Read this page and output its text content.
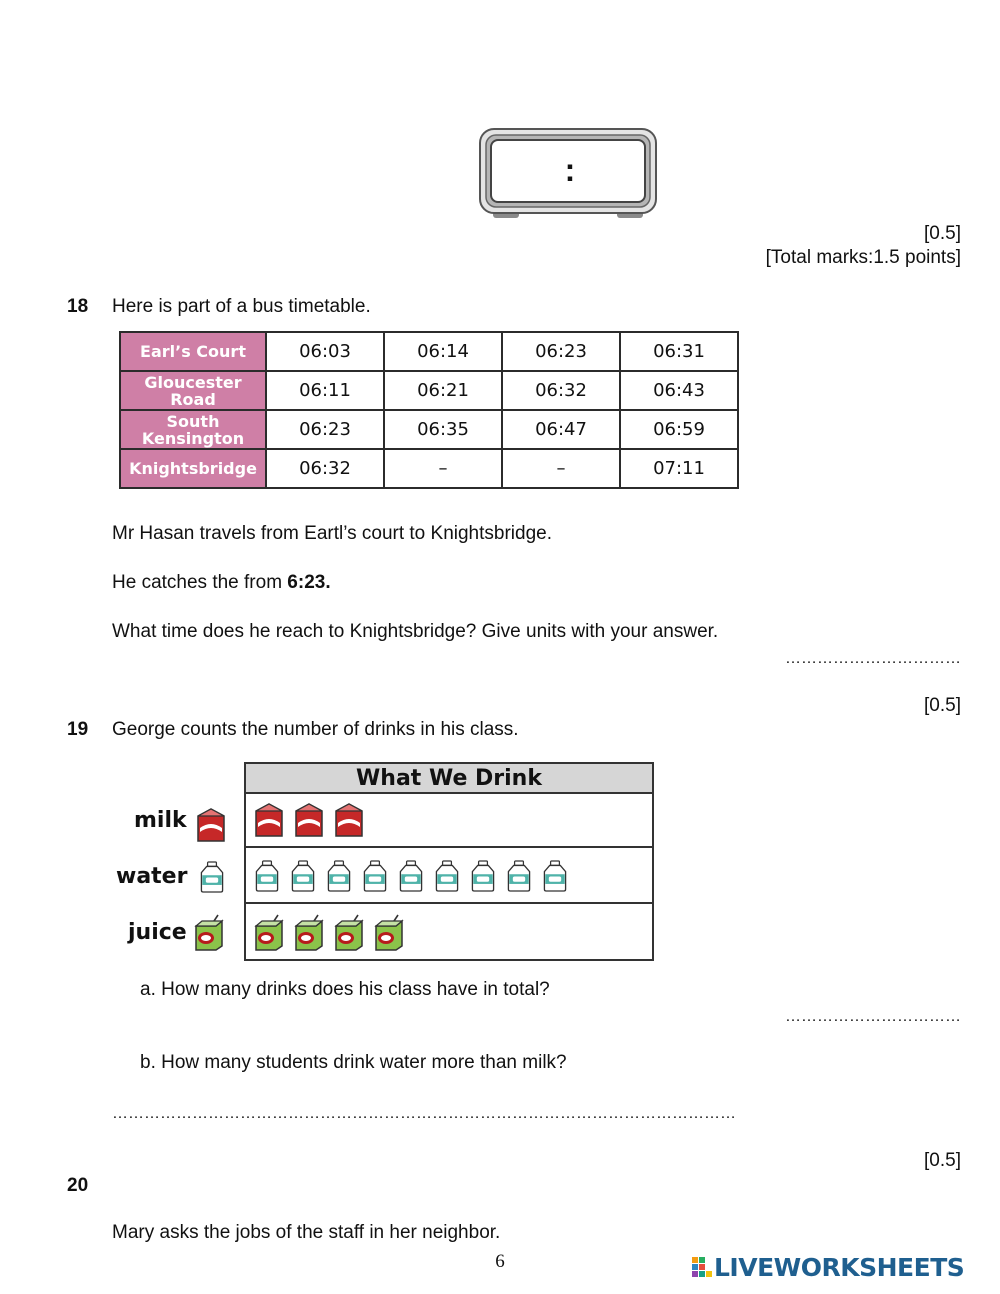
:
[0.5]
[Total marks:1.5 points]
18 Here is part of a bus timetable.
Earl’s Court	06:03	06:14	06:23	06:31
Gloucester Road	06:11	06:21	06:32	06:43
South Kensington	06:23	06:35	06:47	06:59
Knightsbridge	06:32	–	–	07:11
Mr Hasan travels from Eartl’s court to Knightsbridge.
He catches the from 6:23.
What time does he reach to Knightsbridge? Give units with your answer.
……………………………
[0.5]
19 George counts the number of drinks in his class.
What We Drink
milk
water
juice
a. How many drinks does his class have in total?
……………………………
b. How many students drink water more than milk?
………………………………………………………………………………………………………
[0.5]
20
Mary asks the jobs of the staff in her neighbor.
6	LIVEWORKSHEETS
